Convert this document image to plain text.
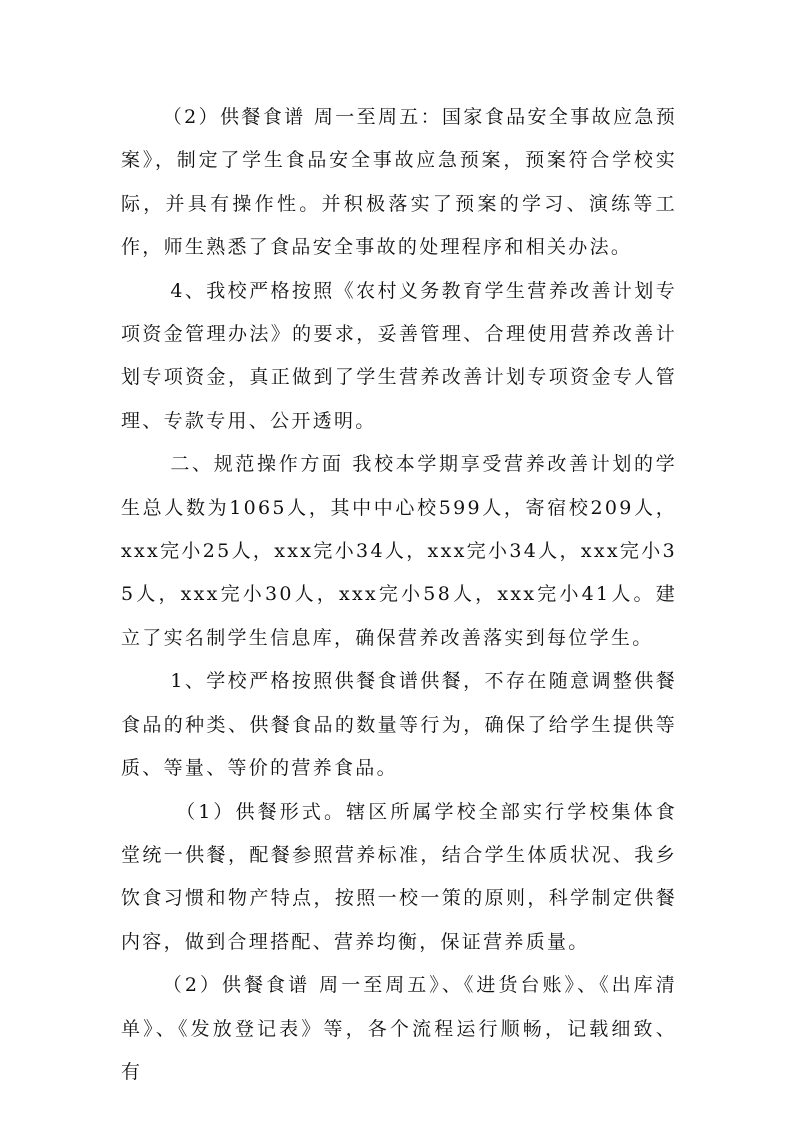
（2）供餐食谱 周一至周五：国家食品安全事故应急预案》，制定了学生食品安全事故应急预案，预案符合学校实际，并具有操作性。并积极落实了预案的学习、演练等工作，师生熟悉了食品安全事故的处理程序和相关办法。

4、我校严格按照《农村义务教育学生营养改善计划专项资金管理办法》的要求，妥善管理、合理使用营养改善计划专项资金，真正做到了学生营养改善计划专项资金专人管理、专款专用、公开透明。

二、规范操作方面 我校本学期享受营养改善计划的学生总人数为1065人，其中中心校599人，寄宿校209人，xxx完小25人，xxx完小34人，xxx完小34人，xxx完小35人，xxx完小30人，xxx完小58人，xxx完小41人。建立了实名制学生信息库，确保营养改善落实到每位学生。

1、学校严格按照供餐食谱供餐，不存在随意调整供餐食品的种类、供餐食品的数量等行为，确保了给学生提供等质、等量、等价的营养食品。

（1）供餐形式。辖区所属学校全部实行学校集体食堂统一供餐，配餐参照营养标准，结合学生体质状况、我乡饮食习惯和物产特点，按照一校一策的原则，科学制定供餐内容，做到合理搭配、营养均衡，保证营养质量。

（2）供餐食谱 周一至周五》、《进货台账》、《出库清单》、《发放登记表》等，各个流程运行顺畅，记载细致、有
